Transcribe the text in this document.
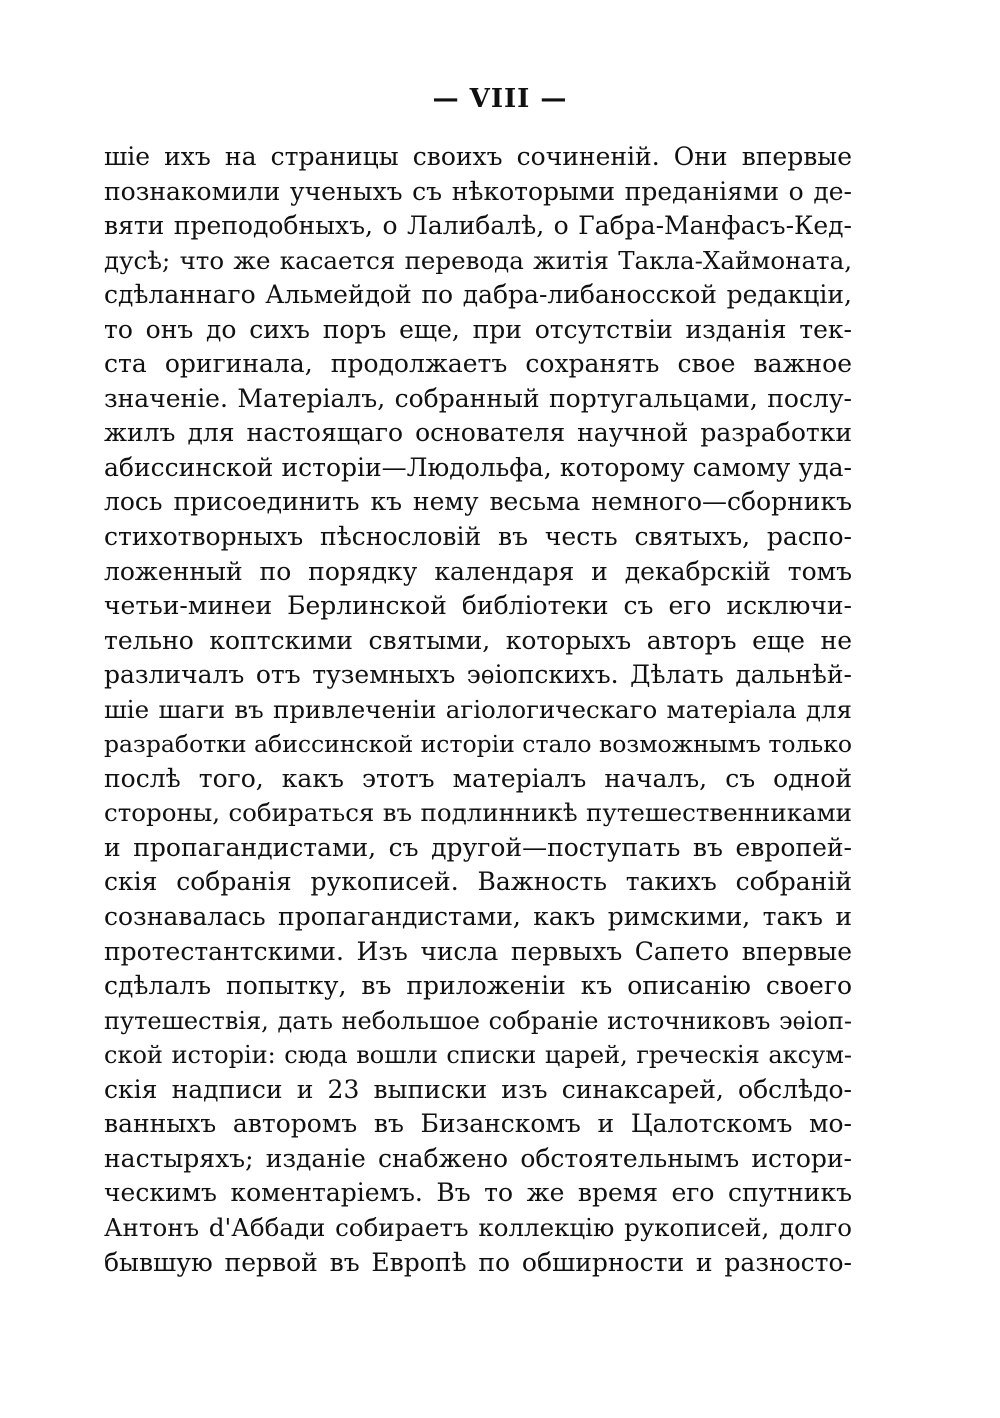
— VIII —
шіе ихъ на страницы своихъ сочиненій. Они впервые
познакомили ученыхъ съ нѣкоторыми преданіями о де-
вяти преподобныхъ, о Лалибалѣ, о Габра-Манфасъ-Кед-
дусѣ; что же касается перевода житія Такла-Хаймоната,
сдѣланнаго Альмейдой по дабра-либаносской редакціи,
то онъ до сихъ поръ еще, при отсутствіи изданія тек-
ста оригинала, продолжаетъ сохранять свое важное
значеніе. Матеріалъ, собранный португальцами, послу-
жилъ для настоящаго основателя научной разработки
абиссинской исторіи—Людольфа, которому самому уда-
лось присоединить къ нему весьма немного—сборникъ
стихотворныхъ пѣснословій въ честь святыхъ, распо-
ложенный по порядку календаря и декабрскій томъ
четьи-минеи Берлинской библіотеки съ его исключи-
тельно коптскими святыми, которыхъ авторъ еще не
различалъ отъ туземныхъ эѳіопскихъ. Дѣлать дальнѣй-
шіе шаги въ привлеченіи агіологическаго матеріала для
разработки абиссинской исторіи стало возможнымъ только
послѣ того, какъ этотъ матеріалъ началъ, съ одной
стороны, собираться въ подлинникѣ путешественниками
и пропагандистами, съ другой—поступать въ европей-
скія собранія рукописей. Важность такихъ собраній
сознавалась пропагандистами, какъ римскими, такъ и
протестантскими. Изъ числа первыхъ Сапето впервые
сдѣлалъ попытку, въ приложеніи къ описанію своего
путешествія, дать небольшое собраніе источниковъ эѳіоп-
ской исторіи: сюда вошли списки царей, греческія аксум-
скія надписи и 23 выписки изъ синаксарей, обслѣдо-
ванныхъ авторомъ въ Бизанскомъ и Цалотскомъ мо-
настыряхъ; изданіе снабжено обстоятельнымъ истори-
ческимъ коментаріемъ. Въ то же время его спутникъ
Антонъ d'Аббади собираетъ коллекцію рукописей, долго
бывшую первой въ Европѣ по обширности и разносто-
